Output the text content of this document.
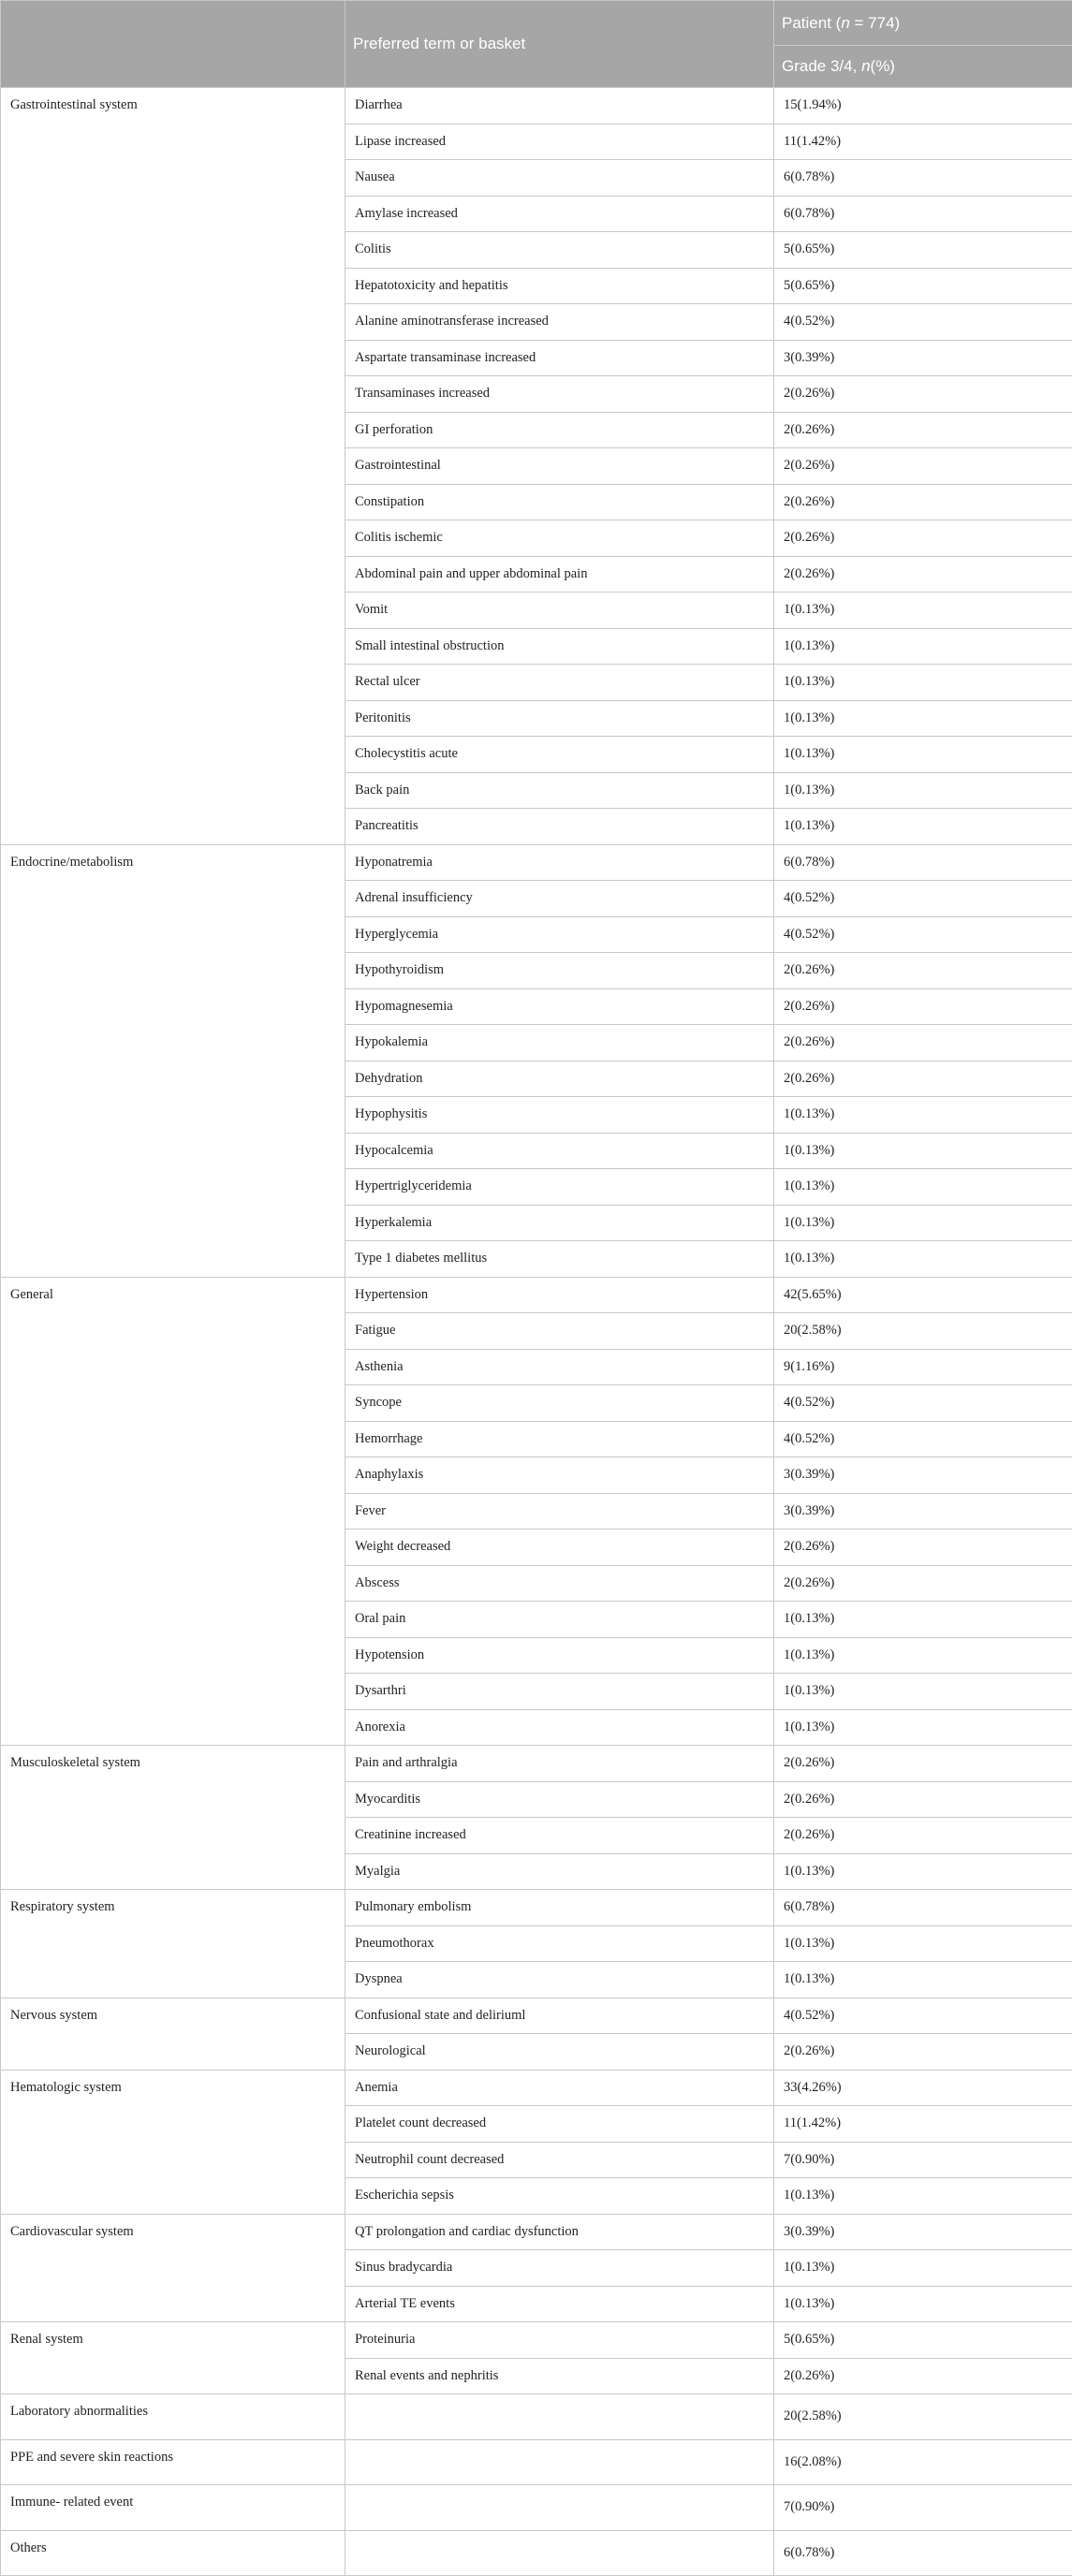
	Preferred term or basket	Patient (n = 774)
		Grade 3/4, n(%)
Gastrointestinal system	Diarrhea	15(1.94%)
	Lipase increased	11(1.42%)
	Nausea	6(0.78%)
	Amylase increased	6(0.78%)
	Colitis	5(0.65%)
	Hepatotoxicity and hepatitis	5(0.65%)
	Alanine aminotransferase increased	4(0.52%)
	Aspartate transaminase increased	3(0.39%)
	Transaminases increased	2(0.26%)
	GI perforation	2(0.26%)
	Gastrointestinal	2(0.26%)
	Constipation	2(0.26%)
	Colitis ischemic	2(0.26%)
	Abdominal pain and upper abdominal pain	2(0.26%)
	Vomit	1(0.13%)
	Small intestinal obstruction	1(0.13%)
	Rectal ulcer	1(0.13%)
	Peritonitis	1(0.13%)
	Cholecystitis acute	1(0.13%)
	Back pain	1(0.13%)
	Pancreatitis	1(0.13%)
Endocrine/metabolism	Hyponatremia	6(0.78%)
	Adrenal insufficiency	4(0.52%)
	Hyperglycemia	4(0.52%)
	Hypothyroidism	2(0.26%)
	Hypomagnesemia	2(0.26%)
	Hypokalemia	2(0.26%)
	Dehydration	2(0.26%)
	Hypophysitis	1(0.13%)
	Hypocalcemia	1(0.13%)
	Hypertriglyceridemia	1(0.13%)
	Hyperkalemia	1(0.13%)
	Type 1 diabetes mellitus	1(0.13%)
General	Hypertension	42(5.65%)
	Fatigue	20(2.58%)
	Asthenia	9(1.16%)
	Syncope	4(0.52%)
	Hemorrhage	4(0.52%)
	Anaphylaxis	3(0.39%)
	Fever	3(0.39%)
	Weight decreased	2(0.26%)
	Abscess	2(0.26%)
	Oral pain	1(0.13%)
	Hypotension	1(0.13%)
	Dysarthri	1(0.13%)
	Anorexia	1(0.13%)
Musculoskeletal system	Pain and arthralgia	2(0.26%)
	Myocarditis	2(0.26%)
	Creatinine increased	2(0.26%)
	Myalgia	1(0.13%)
Respiratory system	Pulmonary embolism	6(0.78%)
	Pneumothorax	1(0.13%)
	Dyspnea	1(0.13%)
Nervous system	Confusional state and deliriuml	4(0.52%)
	Neurological	2(0.26%)
Hematologic system	Anemia	33(4.26%)
	Platelet count decreased	11(1.42%)
	Neutrophil count decreased	7(0.90%)
	Escherichia sepsis	1(0.13%)
Cardiovascular system	QT prolongation and cardiac dysfunction	3(0.39%)
	Sinus bradycardia	1(0.13%)
	Arterial TE events	1(0.13%)
Renal system	Proteinuria	5(0.65%)
	Renal events and nephritis	2(0.26%)
Laboratory abnormalities		20(2.58%)
PPE and severe skin reactions		16(2.08%)
Immune- related event		7(0.90%)
Others		6(0.78%)
